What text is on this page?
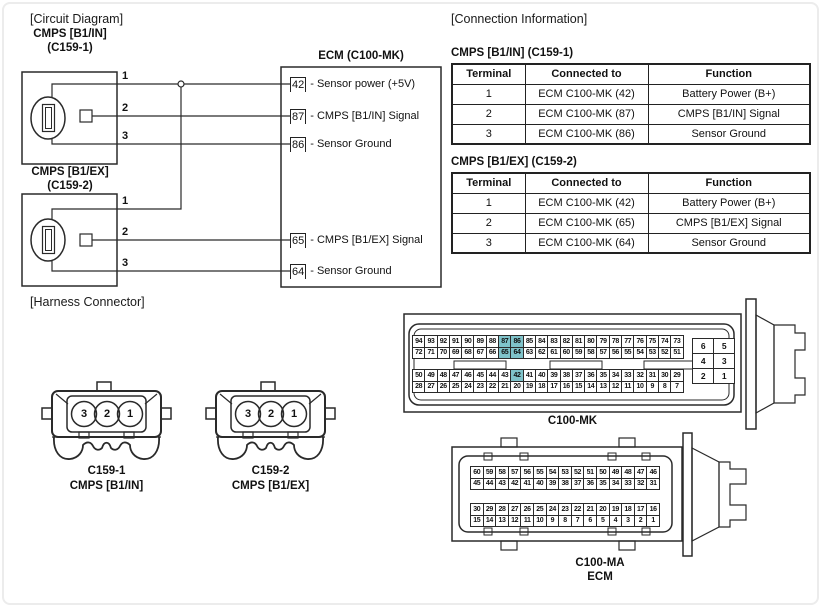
[Circuit Diagram]	[Connection Information]
[Harness Connector]
CMPS [B1/IN]
(C159-1)
CMPS [B1/EX]
(C159-2)
ECM (C100-MK)
1
2
3
1
2
3
42 - Sensor power (+5V)
87 - CMPS [B1/IN] Signal
86 - Sensor Ground
65 - CMPS [B1/EX] Signal
64 - Sensor Ground
CMPS [B1/IN] (C159-1)
Terminal	Connected to	Function
1	ECM C100-MK (42)	Battery Power (B+)
2	ECM C100-MK (87)	CMPS [B1/IN] Signal
3	ECM C100-MK (86)	Sensor Ground
CMPS [B1/EX] (C159-2)
Terminal	Connected to	Function
1	ECM C100-MK (42)	Battery Power (B+)
2	ECM C100-MK (65)	CMPS [B1/EX] Signal
3	ECM C100-MK (64)	Sensor Ground
3	2	1	3	2	1
C159-1
CMPS [B1/IN]
C159-2
CMPS [B1/EX]
C100-MK
C100-MA
ECM
94 93 92 91 90 89 88 87 86 85 84 83 82 81 80 79 78 77 76 75 74 73
72 71 70 69 68 67 66 65 64 63 62 61 60 59 58 57 56 55 54 53 52 51
50 49 48 47 46 45 44 43 42 41 40 39 38 37 36 35 34 33 32 31 30 29
28 27 26 25 24 23 22 21 20 19 18 17 16 15 14 13 12 11 10	9	8	7
6	5
4	3
2	1
60 59 58 57 56 55 54 53 52 51 50 49 48 47 46
45 44 43 42 41 40 39 38 37 36 35 34 33 32 31
30 29 28 27 26 25 24 23 22 21 20 19 18 17 16
15 14 13 12 11 10	9	8	7	6	5	4	3	2	1
